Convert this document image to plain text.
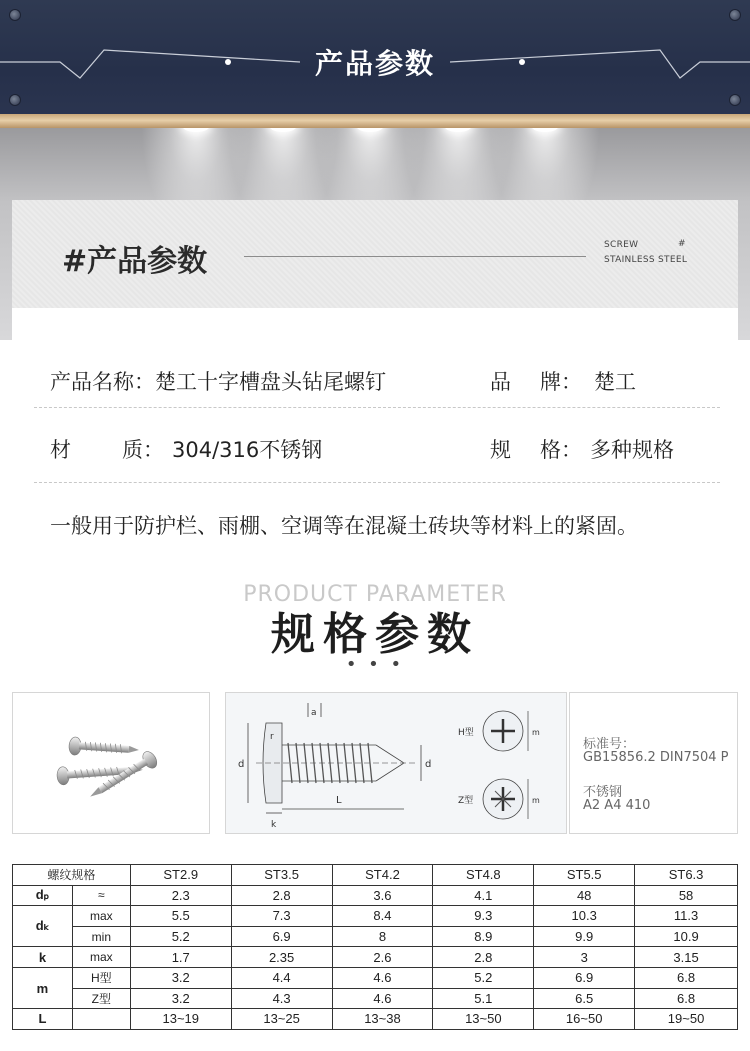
产品参数
#产品参数	SCREW	#
STAINLESS STEEL
产品名称： 楚工十字槽盘头钻尾螺钉	品 牌： 楚工
材 质： 304/316不锈钢	规 格： 多种规格
一般用于防护栏、雨棚、空调等在混凝土砖块等材料上的紧固。
PRODUCT PARAMETER
规格参数
• • •
a
r
d	d
k
L
H型	m
Z型	m
标准号：
GB15856.2 DIN7504 P
不锈钢
A2 A4 410
螺纹规格		ST2.9	ST3.5	ST4.2	ST4.8	ST5.5	ST6.3
dₚ	≈	2.3	2.8	3.6	4.1	48	58
dₖ	max	5.5	7.3	8.4	9.3	10.3	11.3
	min	5.2	6.9	8	8.9	9.9	10.9
k	max	1.7	2.35	2.6	2.8	3	3.15
m	H型	3.2	4.4	4.6	5.2	6.9	6.8
	Z型	3.2	4.3	4.6	5.1	6.5	6.8
L		13~19	13~25	13~38	13~50	16~50	19~50
